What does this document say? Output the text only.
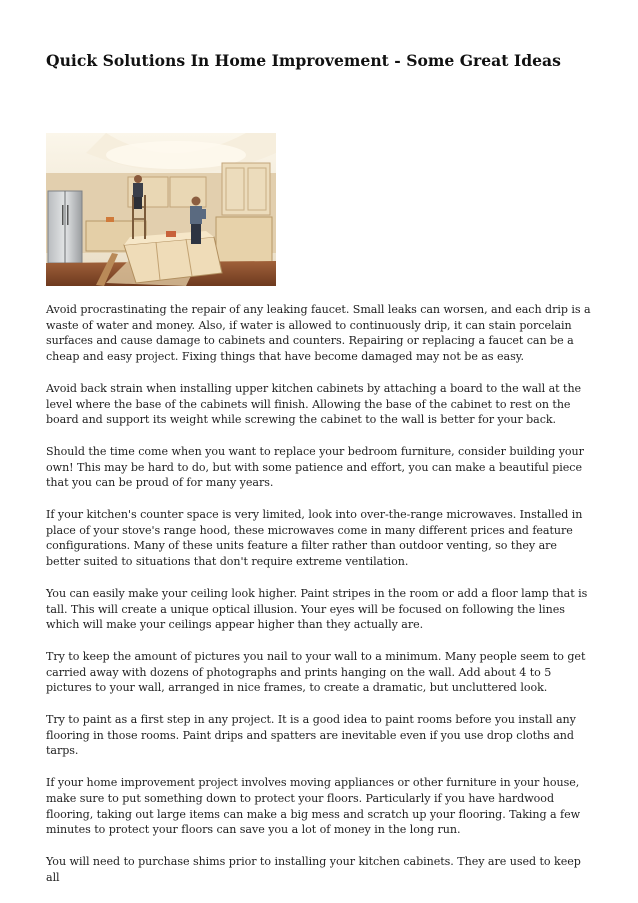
Quick Solutions In Home Improvement - Some Great Ideas

Avoid procrastinating the repair of any leaking faucet. Small leaks can worsen, and each drip is a waste of water and money. Also, if water is allowed to continuously drip, it can stain porcelain surfaces and cause damage to cabinets and counters. Repairing or replacing a faucet can be a cheap and easy project. Fixing things that have become damaged may not be as easy.

Avoid back strain when installing upper kitchen cabinets by attaching a board to the wall at the level where the base of the cabinets will finish. Allowing the base of the cabinet to rest on the board and support its weight while screwing the cabinet to the wall is better for your back.

Should the time come when you want to replace your bedroom furniture, consider building your own! This may be hard to do, but with some patience and effort, you can make a beautiful piece that you can be proud of for many years.

If your kitchen's counter space is very limited, look into over-the-range microwaves. Installed in place of your stove's range hood, these microwaves come in many different prices and feature configurations. Many of these units feature a filter rather than outdoor venting, so they are better suited to situations that don't require extreme ventilation.

You can easily make your ceiling look higher. Paint stripes in the room or add a floor lamp that is tall. This will create a unique optical illusion. Your eyes will be focused on following the lines which will make your ceilings appear higher than they actually are.

Try to keep the amount of pictures you nail to your wall to a minimum. Many people seem to get carried away with dozens of photographs and prints hanging on the wall. Add about 4 to 5 pictures to your wall, arranged in nice frames, to create a dramatic, but uncluttered look.

Try to paint as a first step in any project. It is a good idea to paint rooms before you install any flooring in those rooms. Paint drips and spatters are inevitable even if you use drop cloths and tarps.

If your home improvement project involves moving appliances or other furniture in your house, make sure to put something down to protect your floors. Particularly if you have hardwood flooring, taking out large items can make a big mess and scratch up your flooring. Taking a few minutes to protect your floors can save you a lot of money in the long run.

You will need to purchase shims prior to installing your kitchen cabinets. They are used to keep all
